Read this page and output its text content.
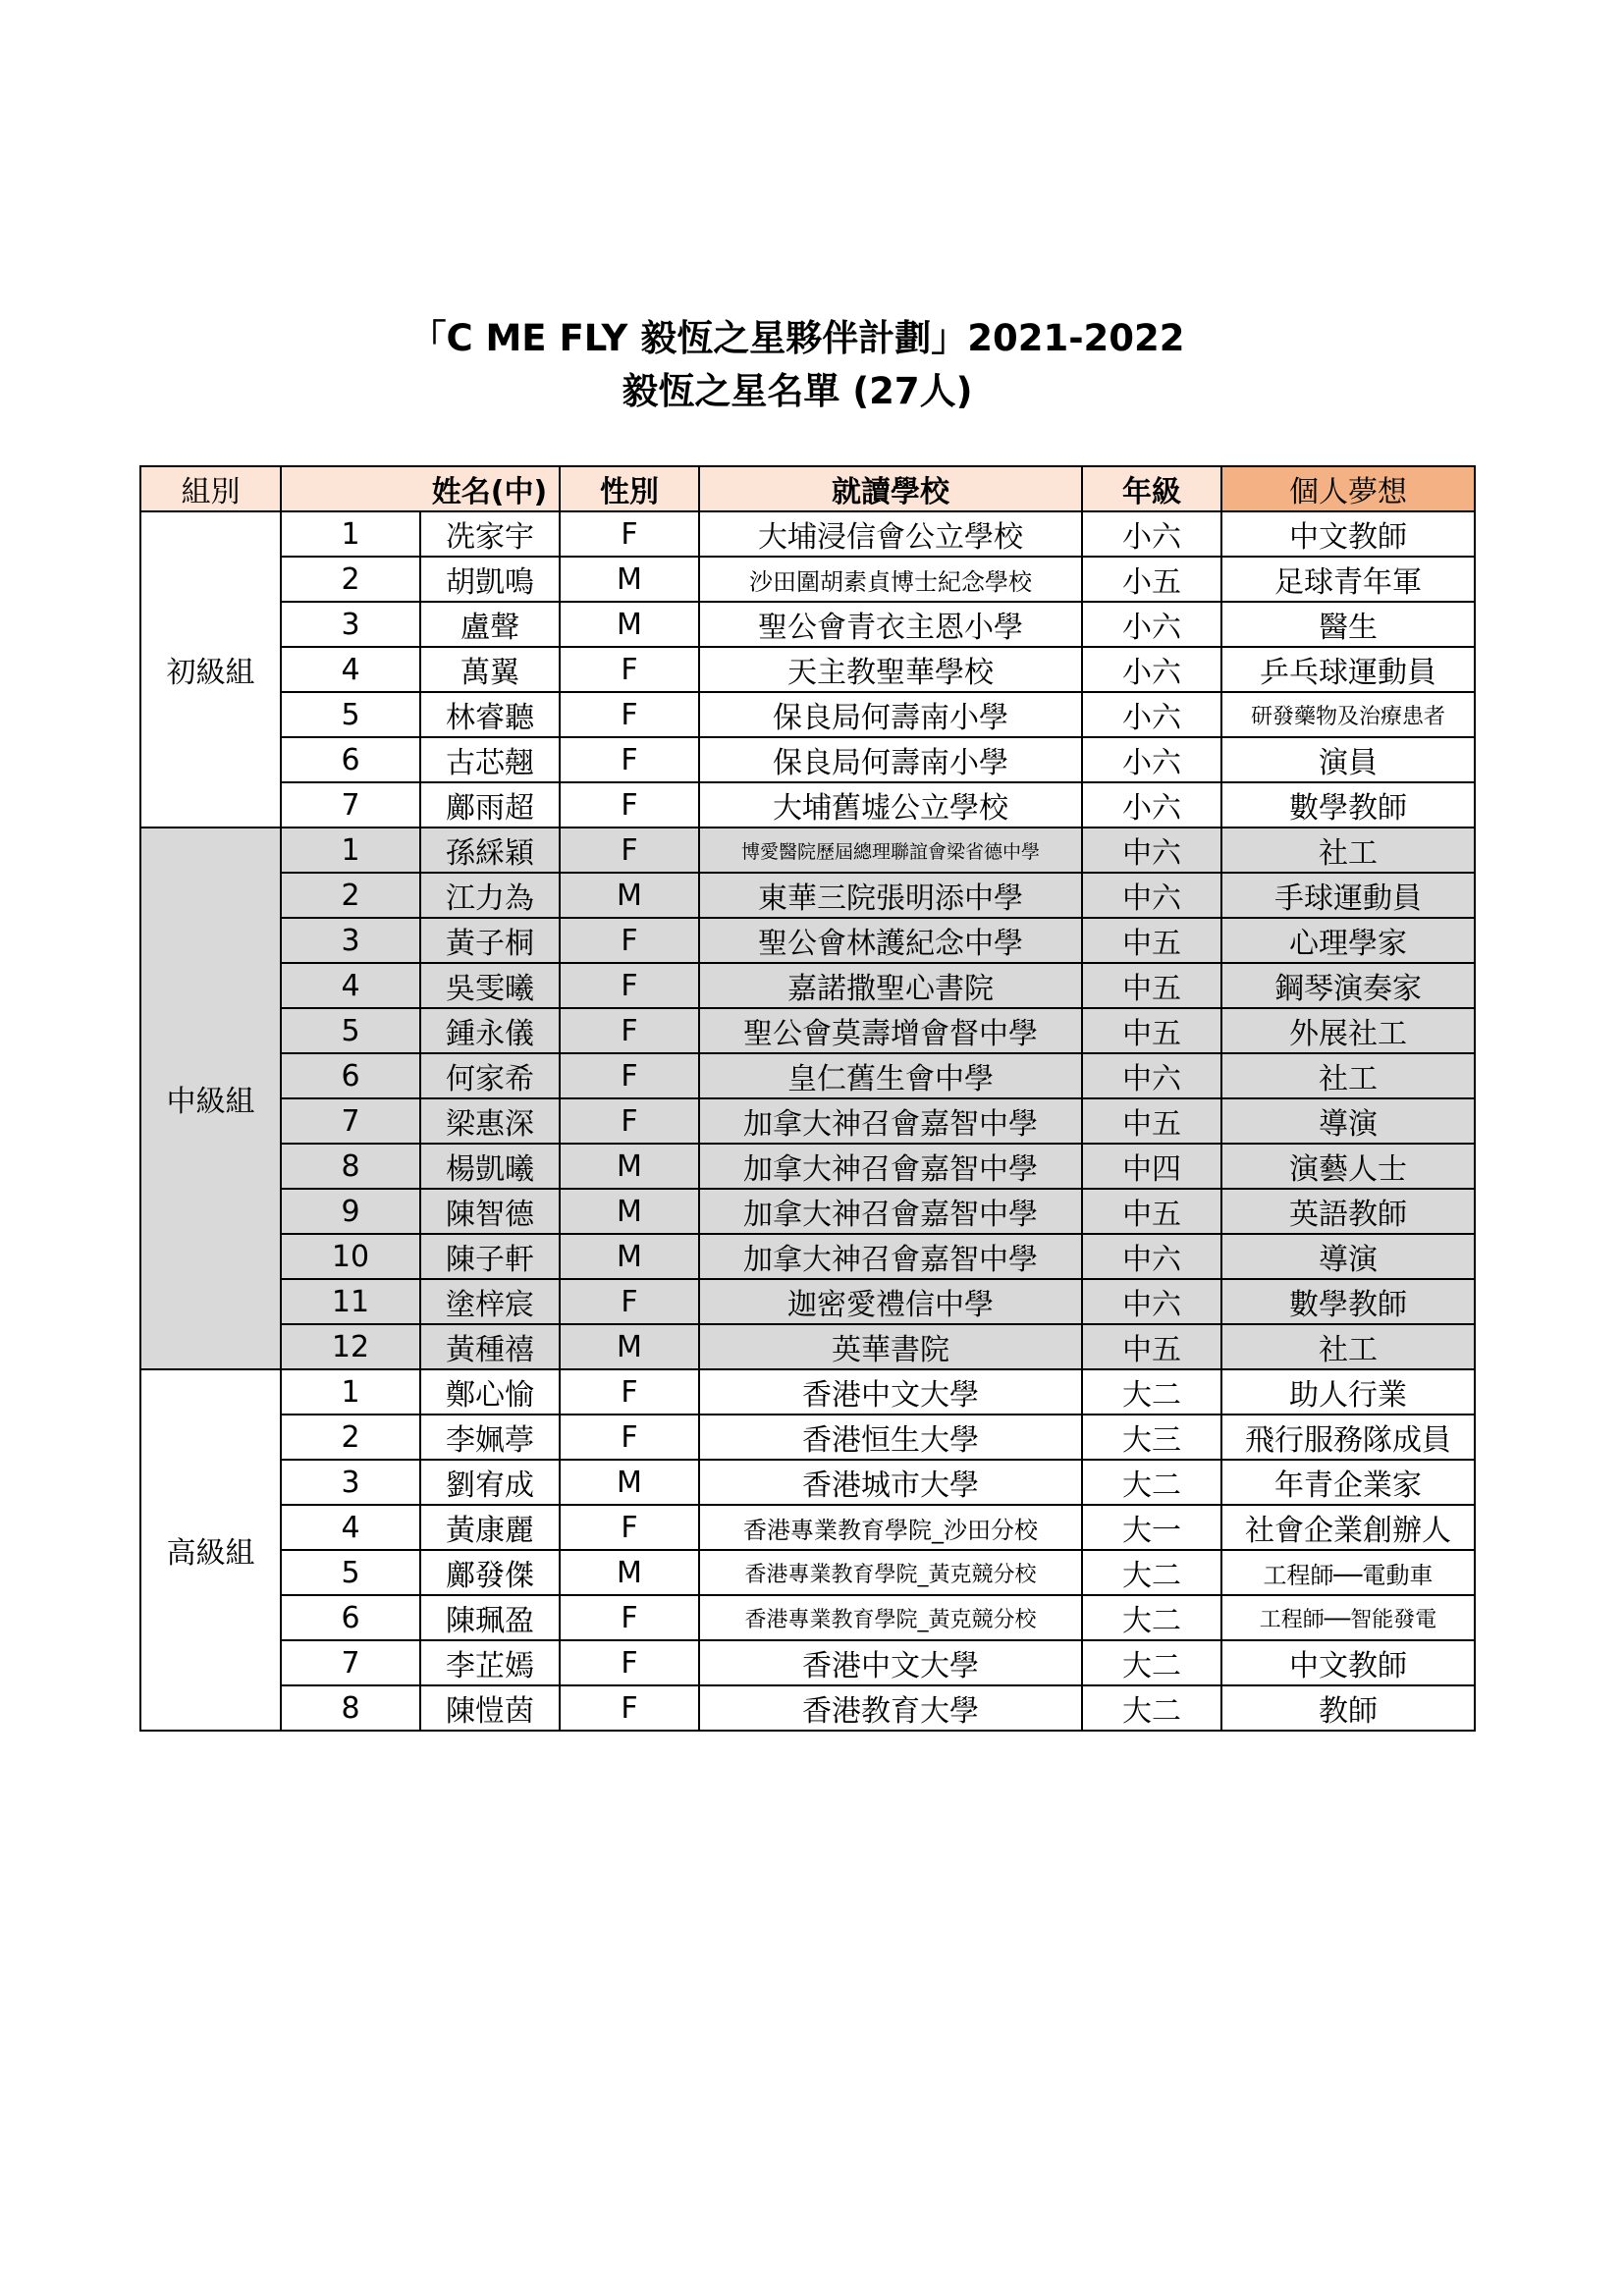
「C ME FLY 毅恆之星夥伴計劃」2021-2022
毅恆之星名單 (27人)
組別		姓名(中)	性別	就讀學校	年級	個人夢想
初級組	1	冼家宇	F	大埔浸信會公立學校	小六	中文教師
	2	胡凱鳴	M	沙田圍胡素貞博士紀念學校	小五	足球青年軍
	3	盧聲	M	聖公會青衣主恩小學	小六	醫生
	4	萬翼	F	天主教聖華學校	小六	乒乓球運動員
	5	林睿聽	F	保良局何壽南小學	小六	研發藥物及治療患者
	6	古芯翹	F	保良局何壽南小學	小六	演員
	7	鄺雨超	F	大埔舊墟公立學校	小六	數學教師
中級組	1	孫綵穎	F	博愛醫院歷屆總理聯誼會梁省德中學	中六	社工
	2	江力為	M	東華三院張明添中學	中六	手球運動員
	3	黃子桐	F	聖公會林護紀念中學	中五	心理學家
	4	吳雯曦	F	嘉諾撒聖心書院	中五	鋼琴演奏家
	5	鍾永儀	F	聖公會莫壽增會督中學	中五	外展社工
	6	何家希	F	皇仁舊生會中學	中六	社工
	7	梁惠深	F	加拿大神召會嘉智中學	中五	導演
	8	楊凱曦	M	加拿大神召會嘉智中學	中四	演藝人士
	9	陳智德	M	加拿大神召會嘉智中學	中五	英語教師
	10	陳子軒	M	加拿大神召會嘉智中學	中六	導演
	11	塗梓宸	F	迦密愛禮信中學	中六	數學教師
	12	黃種禧	M	英華書院	中五	社工
高級組	1	鄭心愉	F	香港中文大學	大二	助人行業
	2	李姵葶	F	香港恒生大學	大三	飛行服務隊成員
	3	劉宥成	M	香港城市大學	大二	年青企業家
	4	黃康麗	F	香港專業教育學院_沙田分校	大一	社會企業創辦人
	5	鄺發傑	M	香港專業教育學院_黃克競分校	大二	工程師──電動車
	6	陳珮盈	F	香港專業教育學院_黃克競分校	大二	工程師──智能發電
	7	李芷嫣	F	香港中文大學	大二	中文教師
	8	陳愷茵	F	香港教育大學	大二	教師
